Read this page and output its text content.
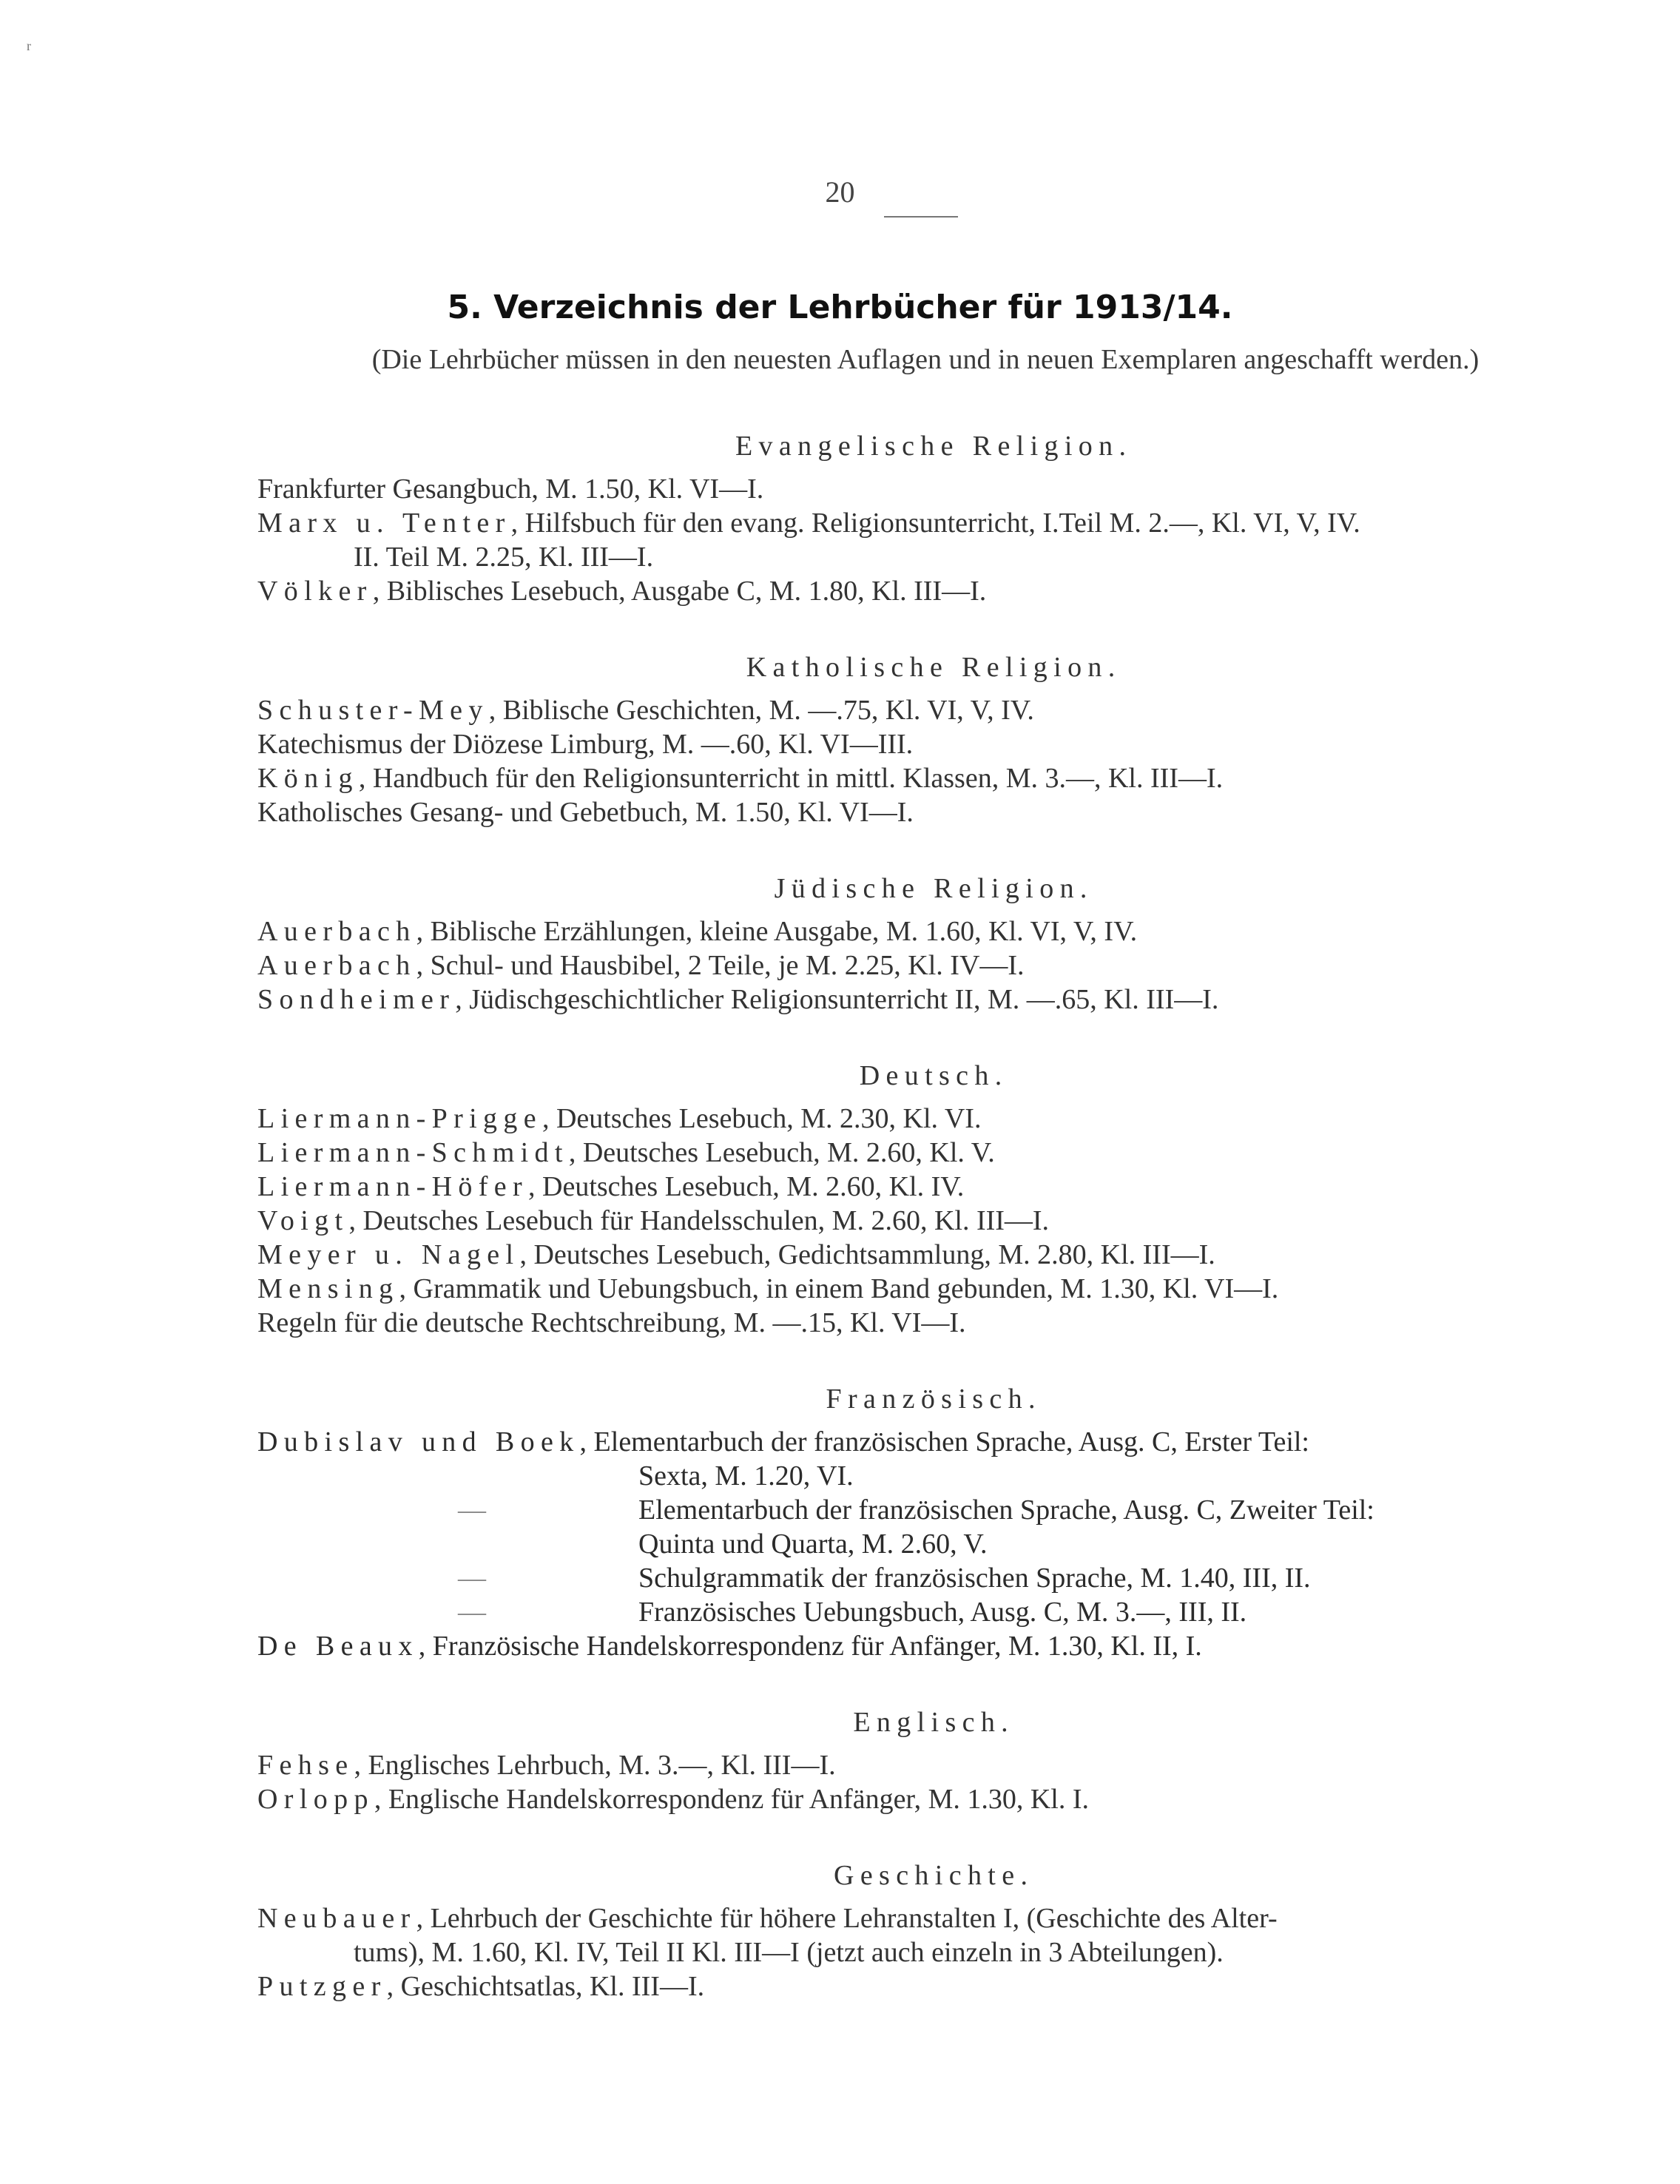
r
20
5. Verzeichnis der Lehrbücher für 1913/14.
(Die Lehrbücher müssen in den neuesten Auflagen und in neuen Exemplaren angeschafft werden.)
Evangelische Religion.
Frankfurter Gesangbuch, M. 1.50, Kl. VI—I.
Marx u. Tenter, Hilfsbuch für den evang. Religionsunterricht, I.Teil M. 2.—, Kl. VI, V, IV.
II. Teil M. 2.25, Kl. III—I.
Völker, Biblisches Lesebuch, Ausgabe C, M. 1.80, Kl. III—I.
Katholische Religion.
Schuster-Mey, Biblische Geschichten, M. —.75, Kl. VI, V, IV.
Katechismus der Diözese Limburg, M. —.60, Kl. VI—III.
König, Handbuch für den Religionsunterricht in mittl. Klassen, M. 3.—, Kl. III—I.
Katholisches Gesang- und Gebetbuch, M. 1.50, Kl. VI—I.
Jüdische Religion.
Auerbach, Biblische Erzählungen, kleine Ausgabe, M. 1.60, Kl. VI, V, IV.
Auerbach, Schul- und Hausbibel, 2 Teile, je M. 2.25, Kl. IV—I.
Sondheimer, Jüdischgeschichtlicher Religionsunterricht II, M. —.65, Kl. III—I.
Deutsch.
Liermann-Prigge, Deutsches Lesebuch, M. 2.30, Kl. VI.
Liermann-Schmidt, Deutsches Lesebuch, M. 2.60, Kl. V.
Liermann-Höfer, Deutsches Lesebuch, M. 2.60, Kl. IV.
Voigt, Deutsches Lesebuch für Handelsschulen, M. 2.60, Kl. III—I.
Meyer u. Nagel, Deutsches Lesebuch, Gedichtsammlung, M. 2.80, Kl. III—I.
Mensing, Grammatik und Uebungsbuch, in einem Band gebunden, M. 1.30, Kl. VI—I.
Regeln für die deutsche Rechtschreibung, M. —.15, Kl. VI—I.
Französisch.
Dubislav und Boek, Elementarbuch der französischen Sprache, Ausg. C, Erster Teil:
Sexta, M. 1.20, VI.
—	Elementarbuch der französischen Sprache, Ausg. C, Zweiter Teil:
Quinta und Quarta, M. 2.60, V.
—	Schulgrammatik der französischen Sprache, M. 1.40, III, II.
—	Französisches Uebungsbuch, Ausg. C, M. 3.—, III, II.
De Beaux, Französische Handelskorrespondenz für Anfänger, M. 1.30, Kl. II, I.
Englisch.
Fehse, Englisches Lehrbuch, M. 3.—, Kl. III—I.
Orlopp, Englische Handelskorrespondenz für Anfänger, M. 1.30, Kl. I.
Geschichte.
Neubauer, Lehrbuch der Geschichte für höhere Lehranstalten I, (Geschichte des Alter-
tums), M. 1.60, Kl. IV, Teil II Kl. III—I (jetzt auch einzeln in 3 Abteilungen).
Putzger, Geschichtsatlas, Kl. III—I.
